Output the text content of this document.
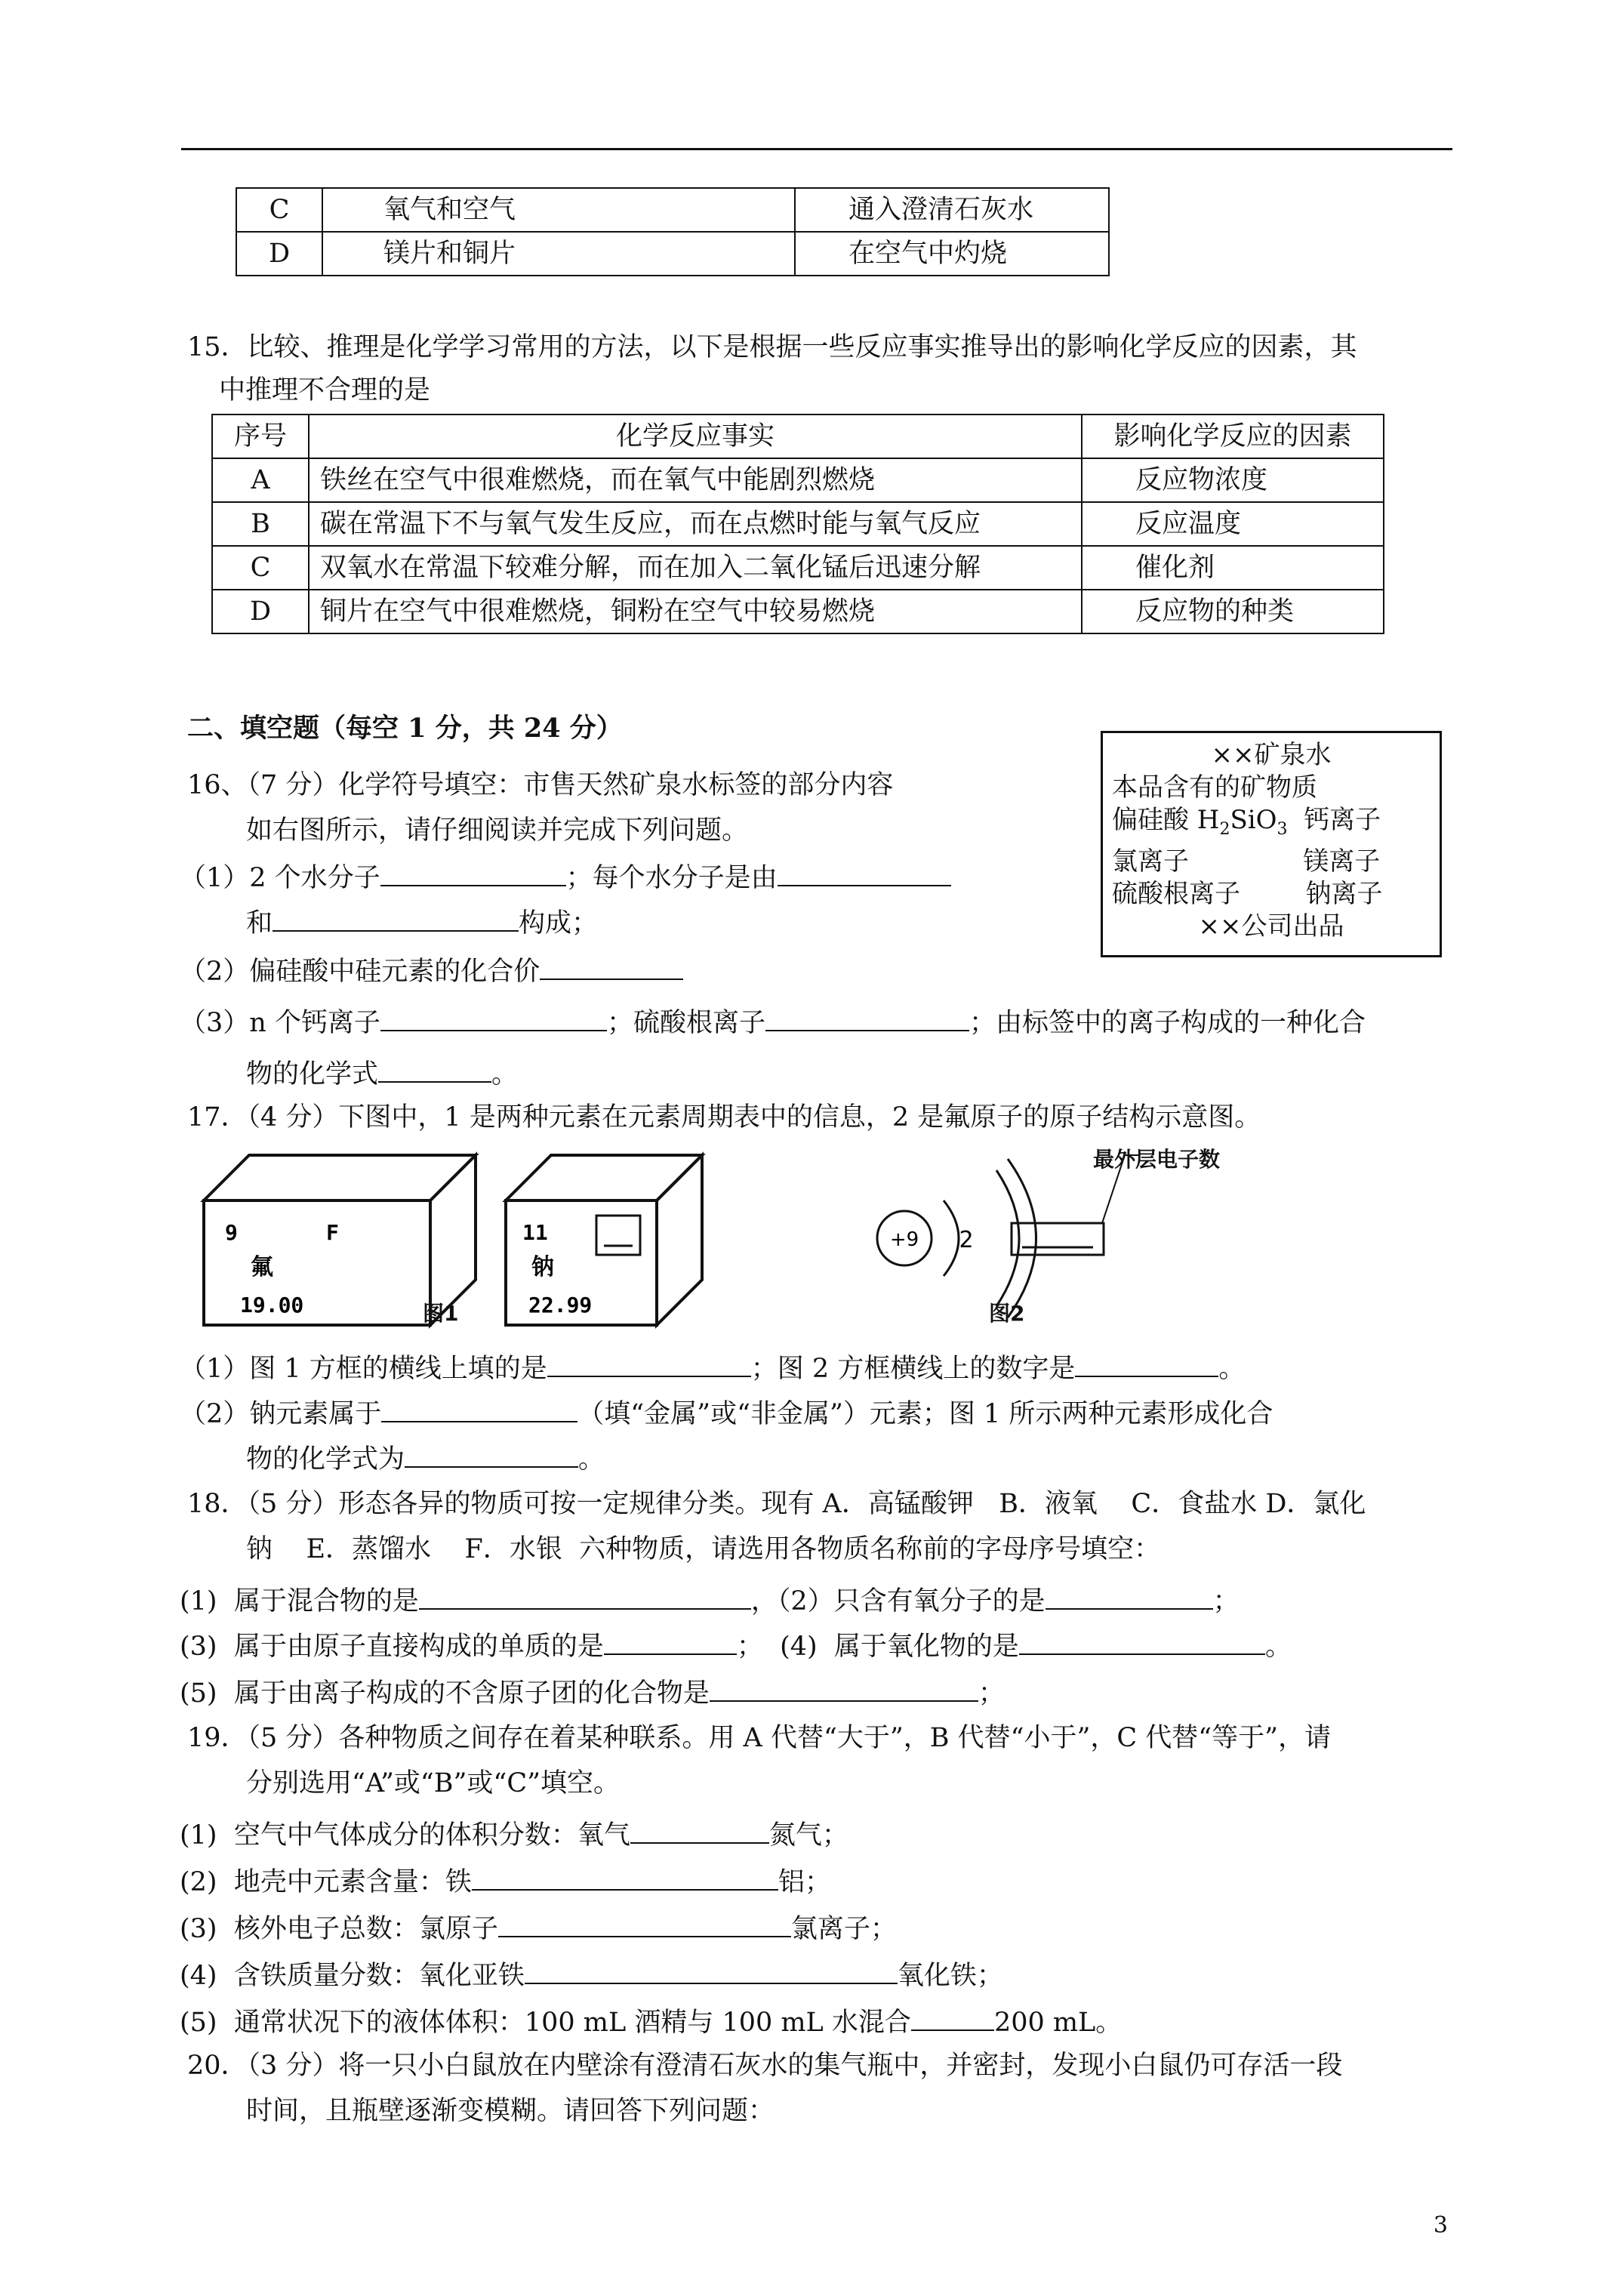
C	氧气和空气	通入澄清石灰水
D	镁片和铜片	在空气中灼烧
15．比较、推理是化学学习常用的方法，以下是根据一些反应事实推导出的影响化学反应的因素，其
中推理不合理的是
序号	化学反应事实	影响化学反应的因素
A	铁丝在空气中很难燃烧，而在氧气中能剧烈燃烧	反应物浓度
B	碳在常温下不与氧气发生反应，而在点燃时能与氧气反应	反应温度
C	双氧水在常温下较难分解，而在加入二氧化锰后迅速分解	催化剂
D	铜片在空气中很难燃烧，铜粉在空气中较易燃烧	反应物的种类
二、填空题（每空 1 分，共 24 分）
××矿泉水
本品含有的矿物质
偏硅酸 $H_2SiO_3$  钙离子
氯离子              镁离子
硫酸根离子        钠离子
××公司出品
16、（7 分）化学符号填空：市售天然矿泉水标签的部分内容
如右图所示，请仔细阅读并完成下列问题。
（1）2 个水分子	；每个水分子是由
和	构成；
（2）偏硅酸中硅元素的化合价
（3）n 个钙离子	；硫酸根离子	；由标签中的离子构成的一种化合
物的化学式	。
17．（4 分）下图中，1 是两种元素在元素周期表中的信息，2 是氟原子的原子结构示意图。
9	F
氟
19.00
11
钠
22.99
+9 2
最外层电子数
图1	图2
（1）图 1 方框的横线上填的是	；图 2 方框横线上的数字是	。
（2）钠元素属于	（填“金属”或“非金属”）元素；图 1 所示两种元素形成化合
物的化学式为	。
18．（5 分）形态各异的物质可按一定规律分类。现有 A．高锰酸钾   B．液氧    C．食盐水 D．氯化
钠    E．蒸馏水    F．水银  六种物质，请选用各物质名称前的字母序号填空：
(1)  属于混合物的是	，（2）只含有氧分子的是	；
(3)  属于由原子直接构成的单质的是	；  (4)  属于氧化物的是	。
(5)  属于由离子构成的不含原子团的化合物是	；
19．（5 分）各种物质之间存在着某种联系。用 A 代替“大于”，B 代替“小于”，C 代替“等于”，请
分别选用“A”或“B”或“C”填空。
(1)  空气中气体成分的体积分数：氧气	氮气；
(2)  地壳中元素含量：铁	铝；
(3)  核外电子总数：氯原子	氯离子；
(4)  含铁质量分数：氧化亚铁	氧化铁；
(5)  通常状况下的液体体积：100 mL 酒精与 100 mL 水混合	200 mL。
20．（3 分）将一只小白鼠放在内壁涂有澄清石灰水的集气瓶中，并密封，发现小白鼠仍可存活一段
时间，且瓶壁逐渐变模糊。请回答下列问题：
3
